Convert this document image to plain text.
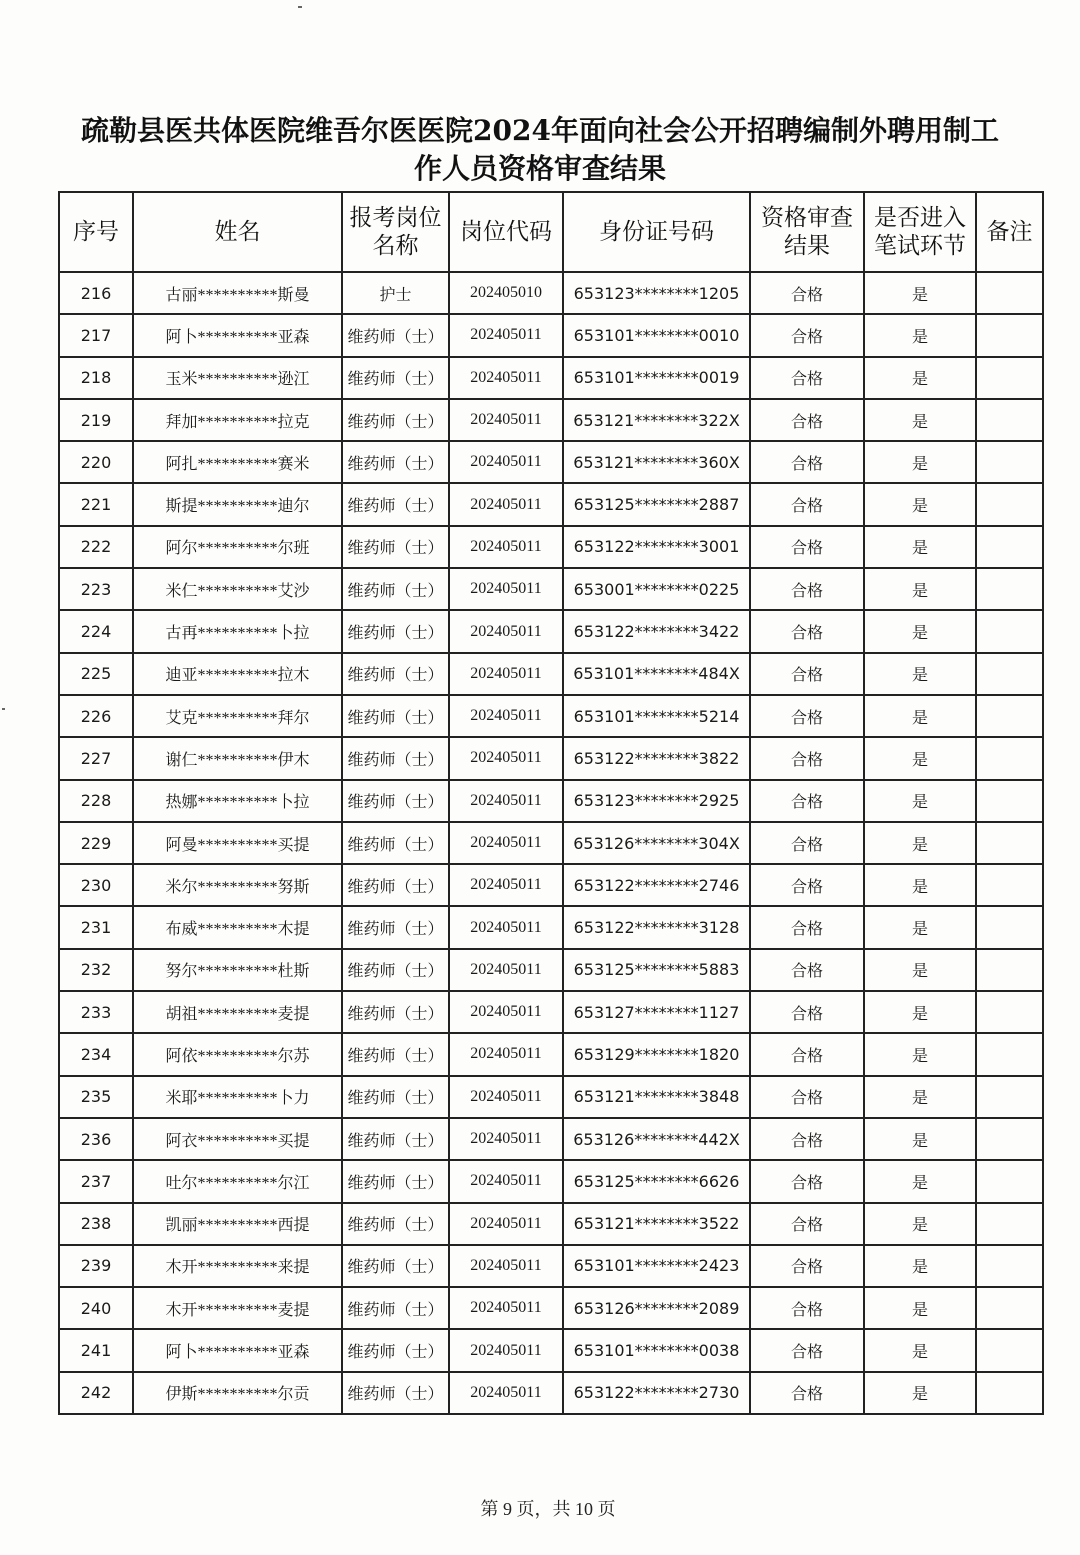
疏勒县医共体医院维吾尔医医院2024年面向社会公开招聘编制外聘用制工
作人员资格审查结果
序号	姓名	报考岗位名称	岗位代码	身份证号码	资格审查结果	是否进入笔试环节	备注
216	古丽**********斯曼	护士	202405010	653123********1205	合格	是	
217	阿卜**********亚森	维药师（士）	202405011	653101********0010	合格	是	
218	玉米**********逊江	维药师（士）	202405011	653101********0019	合格	是	
219	拜加**********拉克	维药师（士）	202405011	653121********322X	合格	是	
220	阿扎**********赛米	维药师（士）	202405011	653121********360X	合格	是	
221	斯提**********迪尔	维药师（士）	202405011	653125********2887	合格	是	
222	阿尔**********尔班	维药师（士）	202405011	653122********3001	合格	是	
223	米仁**********艾沙	维药师（士）	202405011	653001********0225	合格	是	
224	古再**********卜拉	维药师（士）	202405011	653122********3422	合格	是	
225	迪亚**********拉木	维药师（士）	202405011	653101********484X	合格	是	
226	艾克**********拜尔	维药师（士）	202405011	653101********5214	合格	是	
227	谢仁**********伊木	维药师（士）	202405011	653122********3822	合格	是	
228	热娜**********卜拉	维药师（士）	202405011	653123********2925	合格	是	
229	阿曼**********买提	维药师（士）	202405011	653126********304X	合格	是	
230	米尔**********努斯	维药师（士）	202405011	653122********2746	合格	是	
231	布威**********木提	维药师（士）	202405011	653122********3128	合格	是	
232	努尔**********杜斯	维药师（士）	202405011	653125********5883	合格	是	
233	胡祖**********麦提	维药师（士）	202405011	653127********1127	合格	是	
234	阿依**********尔苏	维药师（士）	202405011	653129********1820	合格	是	
235	米耶**********卜力	维药师（士）	202405011	653121********3848	合格	是	
236	阿衣**********买提	维药师（士）	202405011	653126********442X	合格	是	
237	吐尔**********尔江	维药师（士）	202405011	653125********6626	合格	是	
238	凯丽**********西提	维药师（士）	202405011	653121********3522	合格	是	
239	木开**********来提	维药师（士）	202405011	653101********2423	合格	是	
240	木开**********麦提	维药师（士）	202405011	653126********2089	合格	是	
241	阿卜**********亚森	维药师（士）	202405011	653101********0038	合格	是	
242	伊斯**********尔贡	维药师（士）	202405011	653122********2730	合格	是	
第 9 页，共 10 页
